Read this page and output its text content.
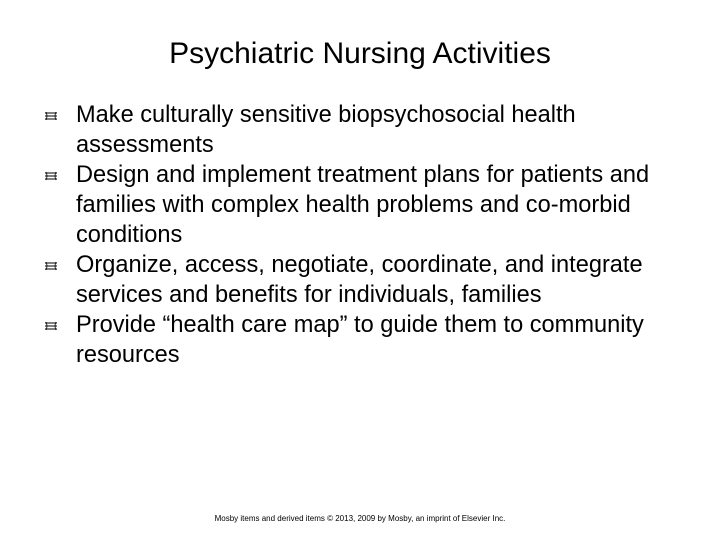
Psychiatric Nursing Activities
Make culturally sensitive biopsychosocial health assessments
Design and implement treatment plans for patients and families with complex health problems and co-morbid conditions
Organize, access, negotiate, coordinate, and integrate services and benefits for individuals, families
Provide “health care map” to guide them to community resources
Mosby items and derived items © 2013, 2009 by Mosby, an imprint of Elsevier Inc.
